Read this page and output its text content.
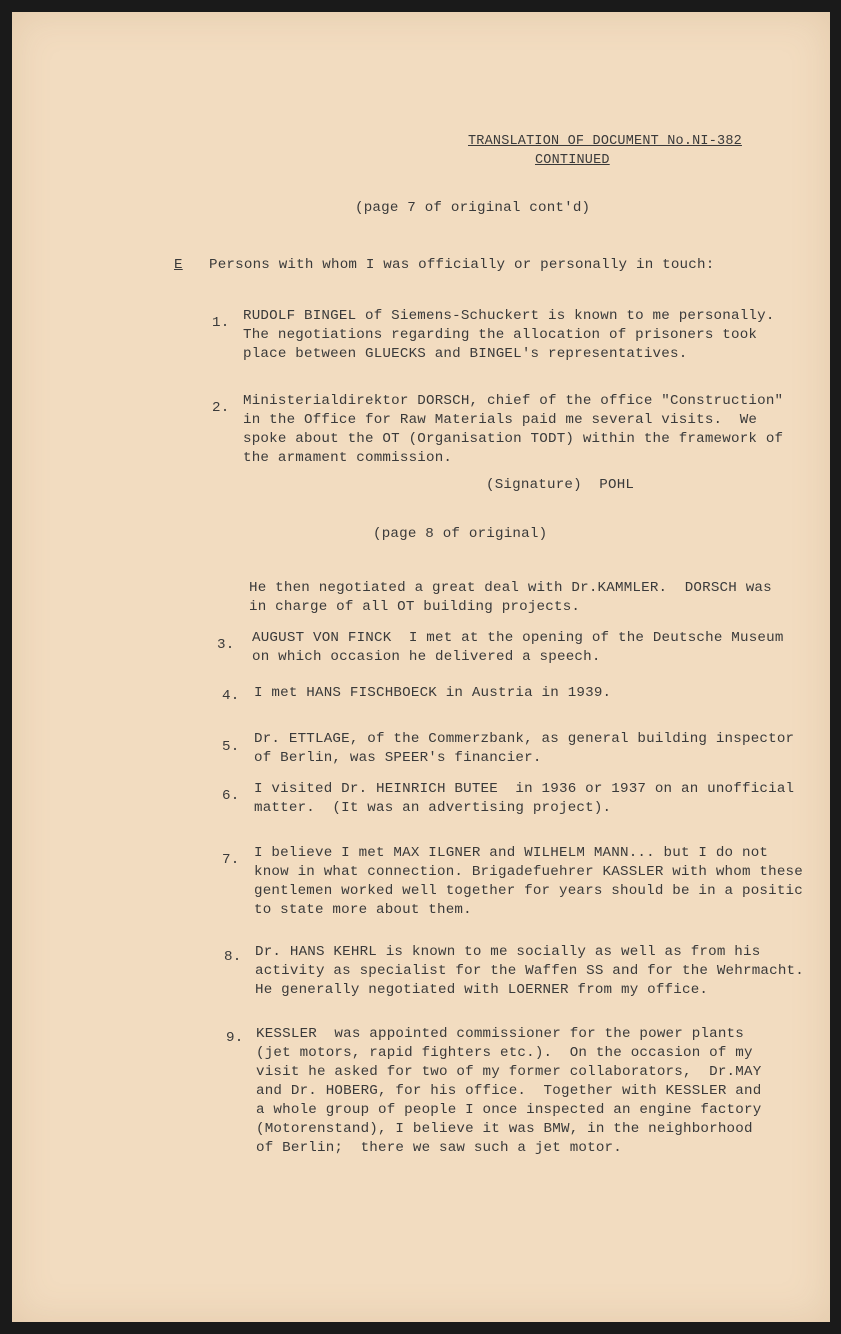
TRANSLATION OF DOCUMENT No.NI-382
CONTINUED
(page 7 of original cont'd)
E Persons with whom I was officially or personally in touch:
1. RUDOLF BINGEL of Siemens-Schuckert is known to me personally.
The negotiations regarding the allocation of prisoners took
place between GLUECKS and BINGEL's representatives.
2. Ministerialdirektor DORSCH, chief of the office "Construction"
in the Office for Raw Materials paid me several visits.  We
spoke about the OT (Organisation TODT) within the framework of
the armament commission.
(Signature)  POHL
(page 8 of original)
He then negotiated a great deal with Dr.KAMMLER.  DORSCH was
in charge of all OT building projects.
3. AUGUST VON FINCK  I met at the opening of the Deutsche Museum
on which occasion he delivered a speech.
4. I met HANS FISCHBOECK in Austria in 1939.
5. Dr. ETTLAGE, of the Commerzbank, as general building inspector
of Berlin, was SPEER's financier.
6. I visited Dr. HEINRICH BUTEE  in 1936 or 1937 on an unofficial
matter.  (It was an advertising project).
7. I believe I met MAX ILGNER and WILHELM MANN... but I do not
know in what connection. Brigadefuehrer KASSLER with whom these
gentlemen worked well together for years should be in a positic
to state more about them.
8. Dr. HANS KEHRL is known to me socially as well as from his
activity as specialist for the Waffen SS and for the Wehrmacht.
He generally negotiated with LOERNER from my office.
9. KESSLER  was appointed commissioner for the power plants
(jet motors, rapid fighters etc.).  On the occasion of my
visit he asked for two of my former collaborators,  Dr.MAY
and Dr. HOBERG, for his office.  Together with KESSLER and
a whole group of people I once inspected an engine factory
(Motorenstand), I believe it was BMW, in the neighborhood
of Berlin;  there we saw such a jet motor.
